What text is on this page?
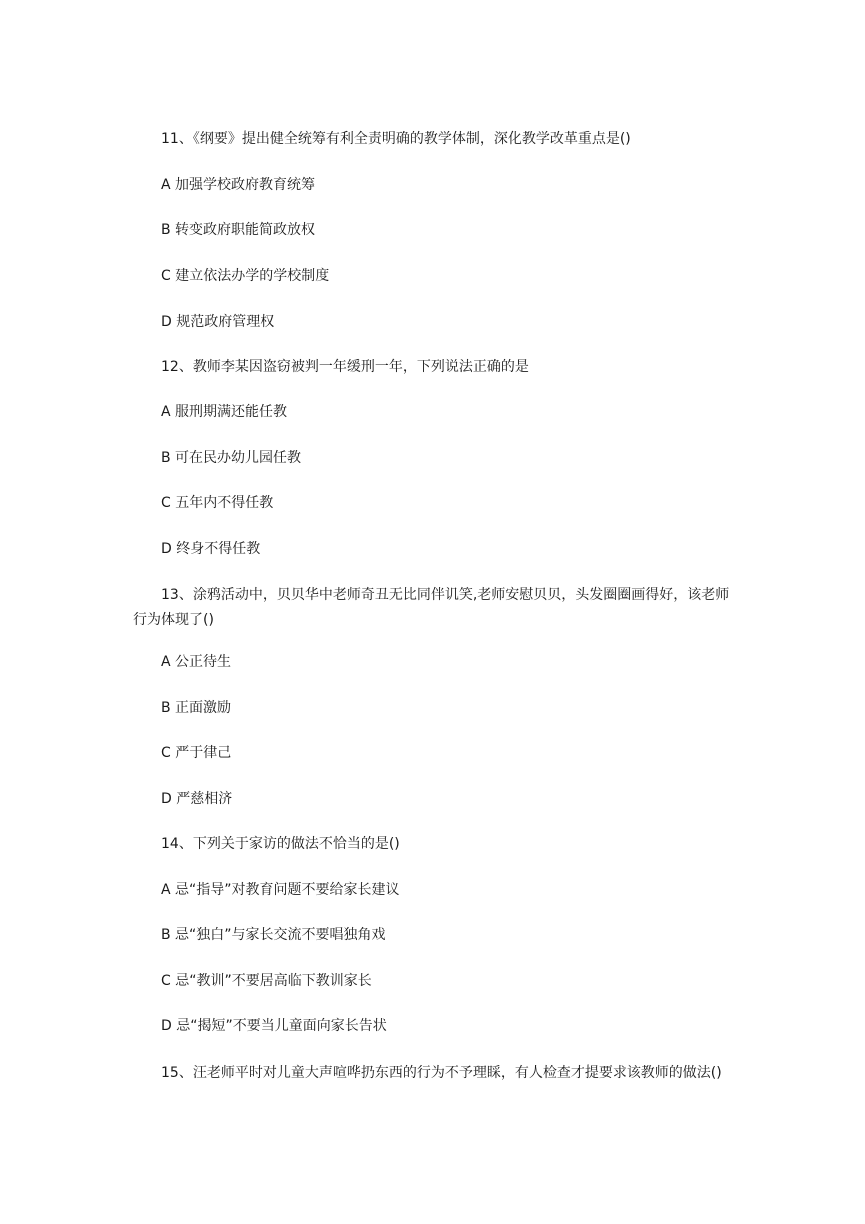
11、《纲要》提出健全统筹有利全责明确的教学体制，深化教学改革重点是()
A 加强学校政府教育统筹
B 转变政府职能简政放权
C 建立依法办学的学校制度
D 规范政府管理权
12、教师李某因盗窃被判一年缓刑一年，下列说法正确的是
A 服刑期满还能任教
B 可在民办幼儿园任教
C 五年内不得任教
D 终身不得任教
13、涂鸦活动中，贝贝华中老师奇丑无比同伴讥笑,老师安慰贝贝，头发圈圈画得好，该老师行为体现了()
A 公正待生
B 正面激励
C 严于律己
D 严慈相济
14、下列关于家访的做法不恰当的是()
A 忌“指导”对教育问题不要给家长建议
B 忌“独白”与家长交流不要唱独角戏
C 忌“教训”不要居高临下教训家长
D 忌“揭短”不要当儿童面向家长告状
15、汪老师平时对儿童大声喧哗扔东西的行为不予理睬，有人检查才提要求该教师的做法()
